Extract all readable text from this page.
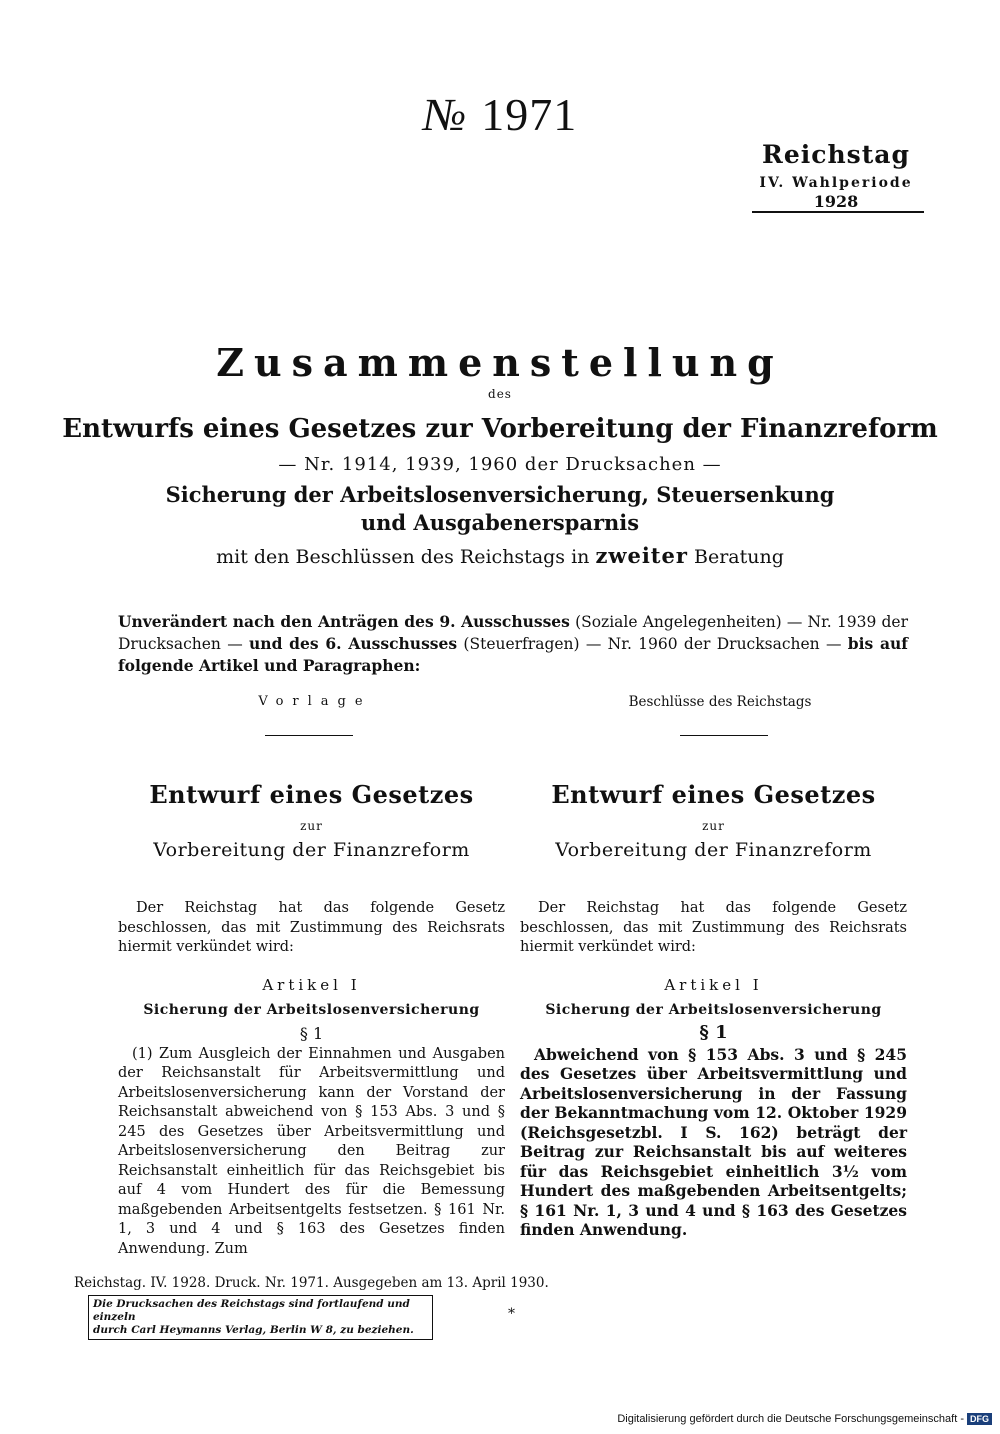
№ 1971
Reichstag
IV. Wahlperiode
1928
Zusammenstellung
des
Entwurfs eines Gesetzes zur Vorbereitung der Finanzreform
— Nr. 1914, 1939, 1960 der Drucksachen —
Sicherung der Arbeitslosenversicherung, Steuersenkung und Ausgabenersparnis
mit den Beschlüssen des Reichstags in zweiter Beratung
Unverändert nach den Anträgen des 9. Ausschusses (Soziale Angelegenheiten) — Nr. 1939 der Drucksachen — und des 6. Ausschusses (Steuerfragen) — Nr. 1960 der Drucksachen — bis auf folgende Artikel und Paragraphen:
Vorlage	Beschlüsse des Reichstags
Entwurf eines Gesetzes
zur
Vorbereitung der Finanzreform
Der Reichstag hat das folgende Gesetz beschlossen, das mit Zustimmung des Reichsrats hiermit verkündet wird:
Artikel I
Sicherung der Arbeitslosenversicherung
§ 1
(1) Zum Ausgleich der Einnahmen und Ausgaben der Reichsanstalt für Arbeitsvermittlung und Arbeitslosenversicherung kann der Vorstand der Reichsanstalt abweichend von § 153 Abs. 3 und § 245 des Gesetzes über Arbeitsvermittlung und Arbeitslosenversicherung den Beitrag zur Reichsanstalt einheitlich für das Reichsgebiet bis auf 4 vom Hundert des für die Bemessung maßgebenden Arbeitsentgelts festsetzen. § 161 Nr. 1, 3 und 4 und § 163 des Gesetzes finden Anwendung. Zum
Entwurf eines Gesetzes
zur
Vorbereitung der Finanzreform
Der Reichstag hat das folgende Gesetz beschlossen, das mit Zustimmung des Reichsrats hiermit verkündet wird:
Artikel I
Sicherung der Arbeitslosenversicherung
§ 1
Abweichend von § 153 Abs. 3 und § 245 des Gesetzes über Arbeitsvermittlung und Arbeitslosenversicherung in der Fassung der Bekanntmachung vom 12. Oktober 1929 (Reichsgesetzbl. I S. 162) beträgt der Beitrag zur Reichsanstalt bis auf weiteres für das Reichsgebiet einheitlich 3½ vom Hundert des maßgebenden Arbeitsentgelts; § 161 Nr. 1, 3 und 4 und § 163 des Gesetzes finden Anwendung.
Reichstag. IV. 1928. Druck. Nr. 1971. Ausgegeben am 13. April 1930.
Die Drucksachen des Reichstags sind fortlaufend und einzeln
durch Carl Heymanns Verlag, Berlin W 8, zu beziehen.
*
Digitalisierung gefördert durch die Deutsche Forschungsgemeinschaft - DFG
